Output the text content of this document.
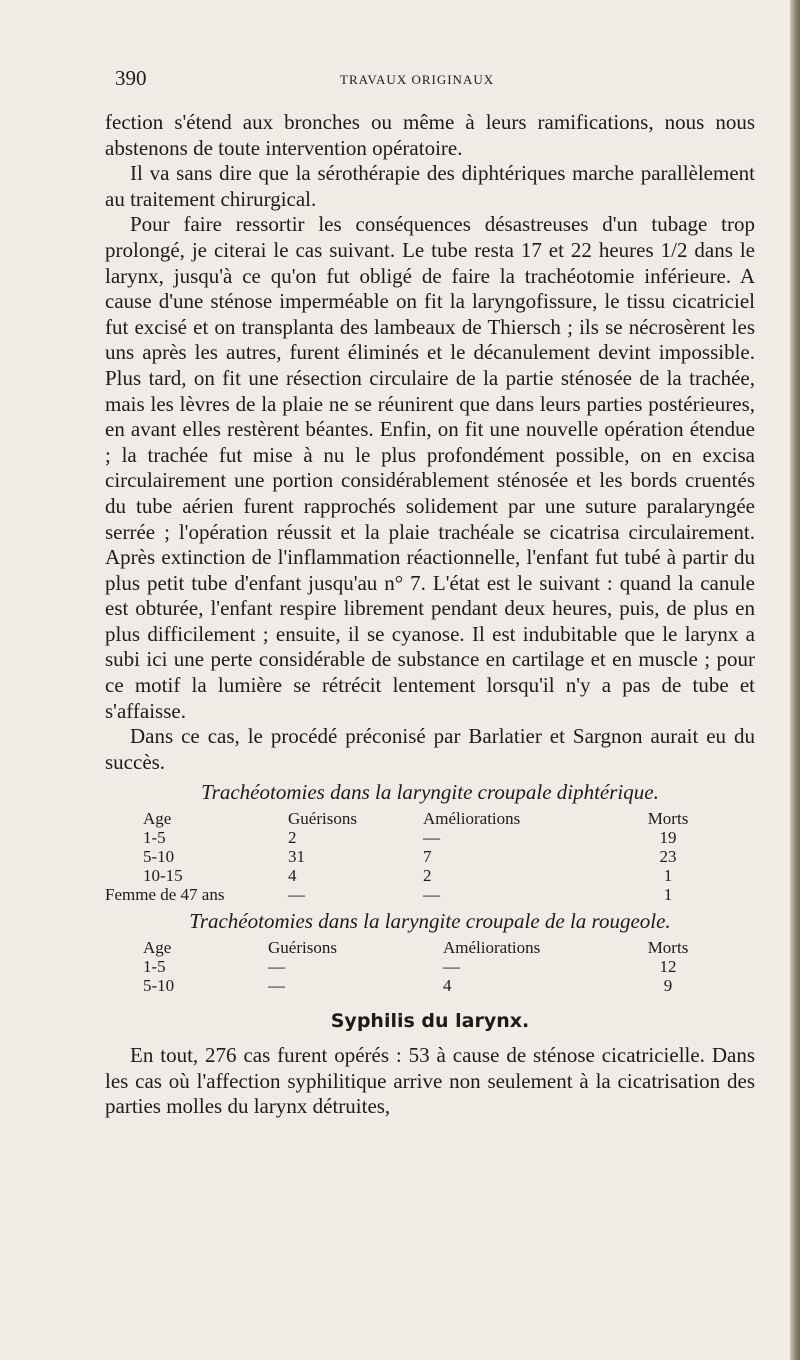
390	TRAVAUX ORIGINAUX

fection s'étend aux bronches ou même à leurs ramifications, nous nous abstenons de toute intervention opératoire.

Il va sans dire que la sérothérapie des diphtériques marche parallèlement au traitement chirurgical.

Pour faire ressortir les conséquences désastreuses d'un tubage trop prolongé, je citerai le cas suivant. Le tube resta 17 et 22 heures 1/2 dans le larynx, jusqu'à ce qu'on fut obligé de faire la trachéotomie inférieure. A cause d'une sténose imperméable on fit la laryngofissure, le tissu cicatriciel fut excisé et on transplanta des lambeaux de Thiersch ; ils se nécrosèrent les uns après les autres, furent éliminés et le décanulement devint impossible. Plus tard, on fit une résection circulaire de la partie sténosée de la trachée, mais les lèvres de la plaie ne se réunirent que dans leurs parties postérieures, en avant elles restèrent béantes. Enfin, on fit une nouvelle opération étendue ; la trachée fut mise à nu le plus profondément possible, on en excisa circulairement une portion considérablement sténosée et les bords cruentés du tube aérien furent rapprochés solidement par une suture paralaryngée serrée ; l'opération réussit et la plaie trachéale se cicatrisa circulairement. Après extinction de l'inflammation réactionnelle, l'enfant fut tubé à partir du plus petit tube d'enfant jusqu'au n° 7. L'état est le suivant : quand la canule est obturée, l'enfant respire librement pendant deux heures, puis, de plus en plus difficilement ; ensuite, il se cyanose. Il est indubitable que le larynx a subi ici une perte considérable de substance en cartilage et en muscle ; pour ce motif la lumière se rétrécit lentement lorsqu'il n'y a pas de tube et s'affaisse.

Dans ce cas, le procédé préconisé par Barlatier et Sargnon aurait eu du succès.

Trachéotomies dans la laryngite croupale diphtérique.
Age	Guérisons	Améliorations	Morts
1-5	2	—	19
5-10	31	7	23
10-15	4	2	1
Femme de 47 ans	—	—	1
Trachéotomies dans la laryngite croupale de la rougeole.
Age	Guérisons	Améliorations	Morts
1-5	—	—	12
5-10	—	4	9
Syphilis du larynx.

En tout, 276 cas furent opérés : 53 à cause de sténose cicatricielle. Dans les cas où l'affection syphilitique arrive non seulement à la cicatrisation des parties molles du larynx détruites,
